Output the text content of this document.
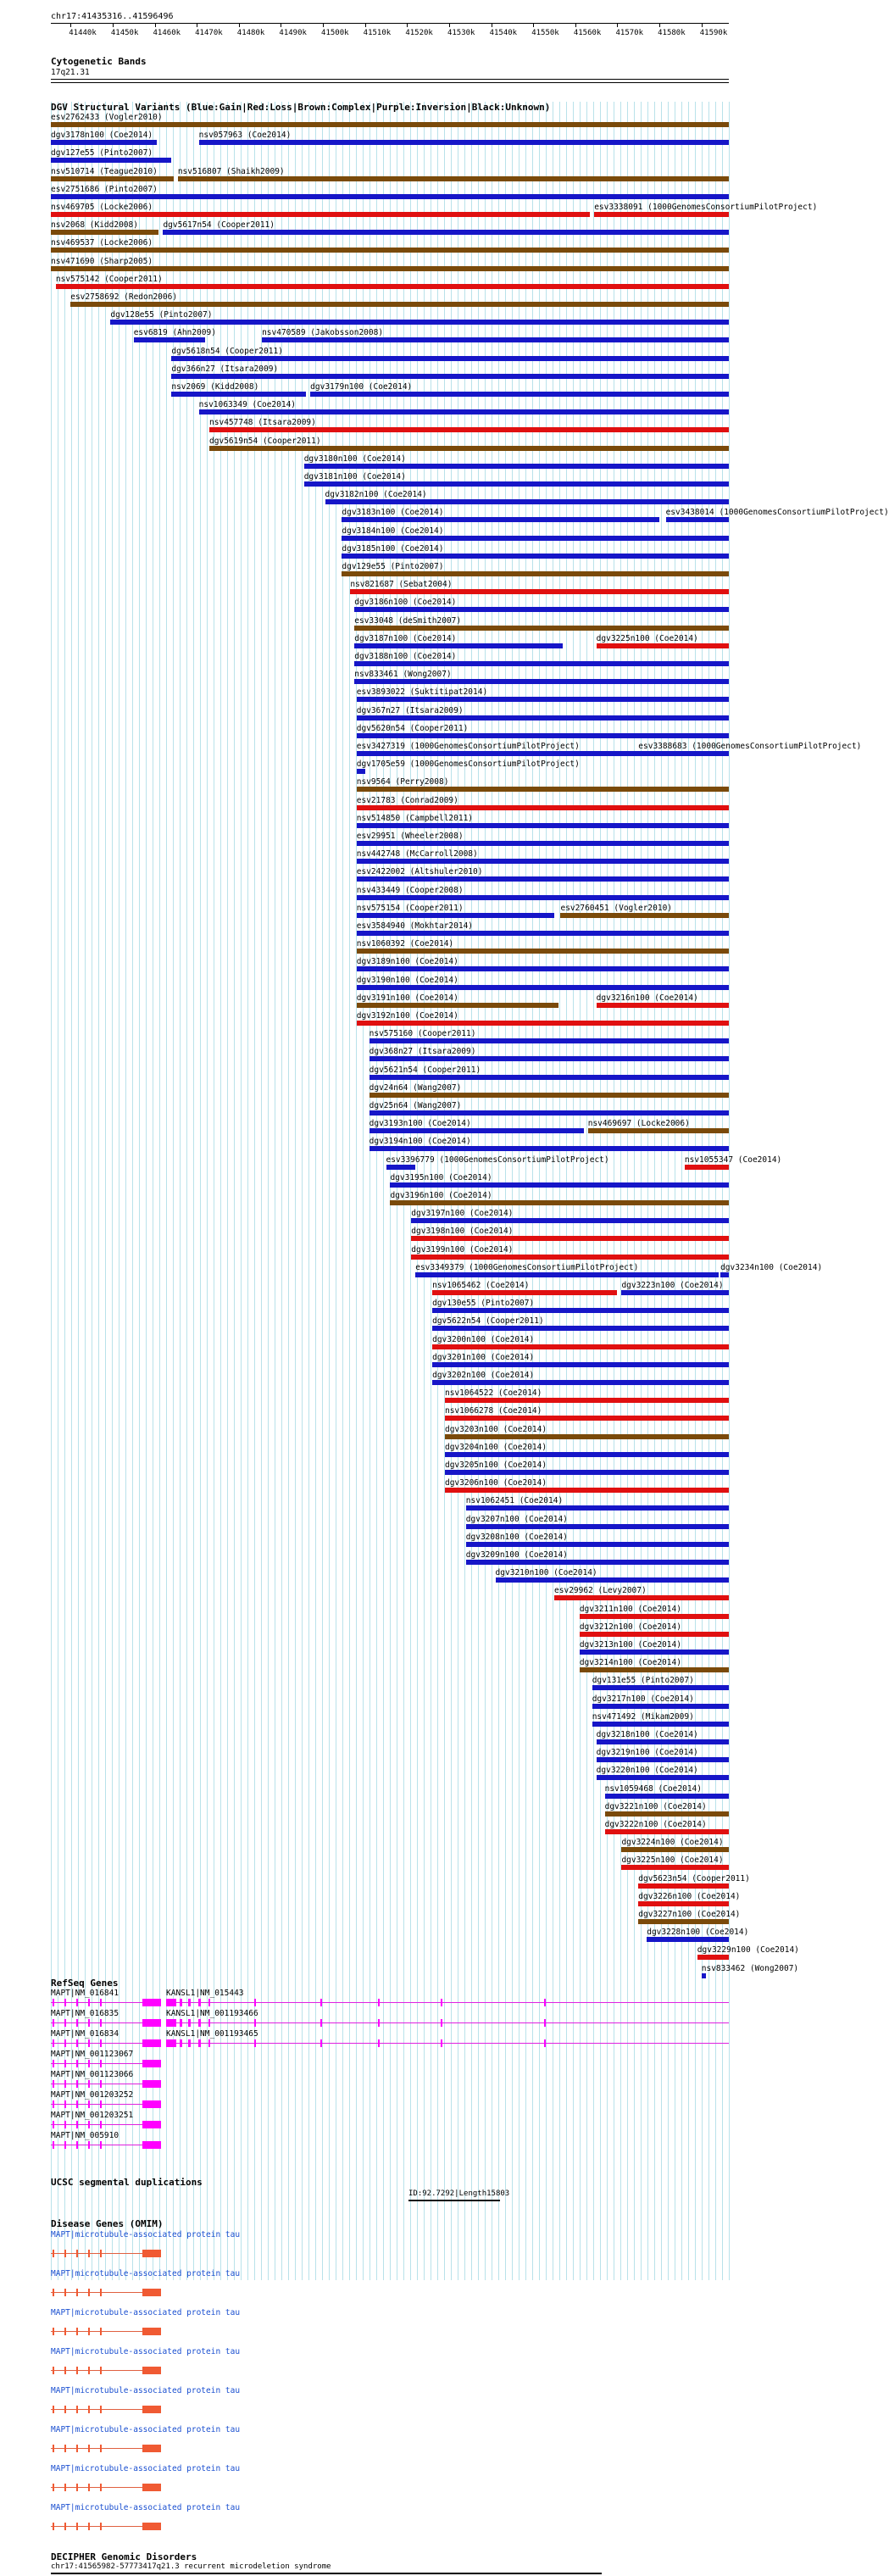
chr17:41435316..41596496
41440k 41450k 41460k 41470k 41480k 41490k 41500k 41510k 41520k 41530k 41540k 41550k 41560k 41570k 41580k 41590k
Cytogenetic Bands
17q21.31
DGV Structural Variants (Blue:Gain|Red:Loss|Brown:Complex|Purple:Inversion|Black:Unknown)
esv2762433 (Vogler2010)
dgv3178n100 (Coe2014)	nsv057963 (Coe2014)
dgv127e55 (Pinto2007)
nsv510714 (Teague2010)	nsv516807 (Shaikh2009)
esv2751686 (Pinto2007)
nsv469705 (Locke2006)	esv3338091 (1000GenomesConsortiumPilotProject)
nsv2068 (Kidd2008)	dgv5617n54 (Cooper2011)
nsv469537 (Locke2006)
nsv471690 (Sharp2005)
nsv575142 (Cooper2011)
esv2758692 (Redon2006)
dgv128e55 (Pinto2007)
esv6819 (Ahn2009)	nsv470589 (Jakobsson2008)
dgv5618n54 (Cooper2011)
dgv366n27 (Itsara2009)
nsv2069 (Kidd2008)	dgv3179n100 (Coe2014)
nsv1063349 (Coe2014)
nsv457748 (Itsara2009)
dgv5619n54 (Cooper2011)
dgv3180n100 (Coe2014)
dgv3181n100 (Coe2014)
dgv3182n100 (Coe2014)
dgv3183n100 (Coe2014)	esv3438014 (1000GenomesConsortiumPilotProject)
dgv3184n100 (Coe2014)
dgv3185n100 (Coe2014)
dgv129e55 (Pinto2007)
nsv821687 (Sebat2004)
dgv3186n100 (Coe2014)
esv33048 (deSmith2007)
dgv3187n100 (Coe2014)	dgv3225n100 (Coe2014)
dgv3188n100 (Coe2014)
nsv833461 (Wong2007)
esv3893022 (Suktitipat2014)
dgv367n27 (Itsara2009)
dgv5620n54 (Cooper2011)
esv3427319 (1000GenomesConsortiumPilotProject)	esv3388683 (1000GenomesConsortiumPilotProject)
dgv1705e59 (1000GenomesConsortiumPilotProject)
nsv9564 (Perry2008)
esv21783 (Conrad2009)
nsv514850 (Campbell2011)
esv29951 (Wheeler2008)
nsv442748 (McCarroll2008)
esv2422002 (Altshuler2010)
nsv433449 (Cooper2008)
nsv575154 (Cooper2011)	esv2760451 (Vogler2010)
esv3584940 (Mokhtar2014)
nsv1060392 (Coe2014)
dgv3189n100 (Coe2014)
dgv3190n100 (Coe2014)
dgv3191n100 (Coe2014)	dgv3216n100 (Coe2014)
dgv3192n100 (Coe2014)
nsv575160 (Cooper2011)
dgv368n27 (Itsara2009)
dgv5621n54 (Cooper2011)
dgv24n64 (Wang2007)
dgv25n64 (Wang2007)
dgv3193n100 (Coe2014)	nsv469697 (Locke2006)
dgv3194n100 (Coe2014)
esv3396779 (1000GenomesConsortiumPilotProject)	nsv1055347 (Coe2014)
dgv3195n100 (Coe2014)
dgv3196n100 (Coe2014)
dgv3197n100 (Coe2014)
dgv3198n100 (Coe2014)
dgv3199n100 (Coe2014)
esv3349379 (1000GenomesConsortiumPilotProject)	dgv3234n100 (Coe2014)
nsv1065462 (Coe2014)	dgv3223n100 (Coe2014)
dgv130e55 (Pinto2007)
dgv5622n54 (Cooper2011)
dgv3200n100 (Coe2014)
dgv3201n100 (Coe2014)
dgv3202n100 (Coe2014)
nsv1064522 (Coe2014)
nsv1066278 (Coe2014)
dgv3203n100 (Coe2014)
dgv3204n100 (Coe2014)
dgv3205n100 (Coe2014)
dgv3206n100 (Coe2014)
nsv1062451 (Coe2014)
dgv3207n100 (Coe2014)
dgv3208n100 (Coe2014)
dgv3209n100 (Coe2014)
dgv3210n100 (Coe2014)
esv29962 (Levy2007)
dgv3211n100 (Coe2014)
dgv3212n100 (Coe2014)
dgv3213n100 (Coe2014)
dgv3214n100 (Coe2014)
dgv131e55 (Pinto2007)
dgv3217n100 (Coe2014)
nsv471492 (Mikam2009)
dgv3218n100 (Coe2014)
dgv3219n100 (Coe2014)
dgv3220n100 (Coe2014)
nsv1059468 (Coe2014)
dgv3221n100 (Coe2014)
dgv3222n100 (Coe2014)
dgv3224n100 (Coe2014)
dgv3225n100 (Coe2014)
dgv5623n54 (Cooper2011)
dgv3226n100 (Coe2014)
dgv3227n100 (Coe2014)
dgv3228n100 (Coe2014)
dgv3229n100 (Coe2014)
nsv833462 (Wong2007)
RefSeq Genes
MAPT|NM_016841	KANSL1|NM_015443
MAPT|NM_016835	KANSL1|NM_001193466
MAPT|NM_016834	KANSL1|NM_001193465
MAPT|NM_001123067
MAPT|NM_001123066
MAPT|NM_001203252
MAPT|NM_001203251
MAPT|NM_005910
UCSC segmental duplications
ID:92.7292|Length15803
Disease Genes (OMIM)
MAPT|microtubule-associated protein tau
MAPT|microtubule-associated protein tau
MAPT|microtubule-associated protein tau
MAPT|microtubule-associated protein tau
MAPT|microtubule-associated protein tau
MAPT|microtubule-associated protein tau
MAPT|microtubule-associated protein tau
MAPT|microtubule-associated protein tau
DECIPHER Genomic Disorders
chr17:41565982-57773417q21.3 recurrent microdeletion syndrome
